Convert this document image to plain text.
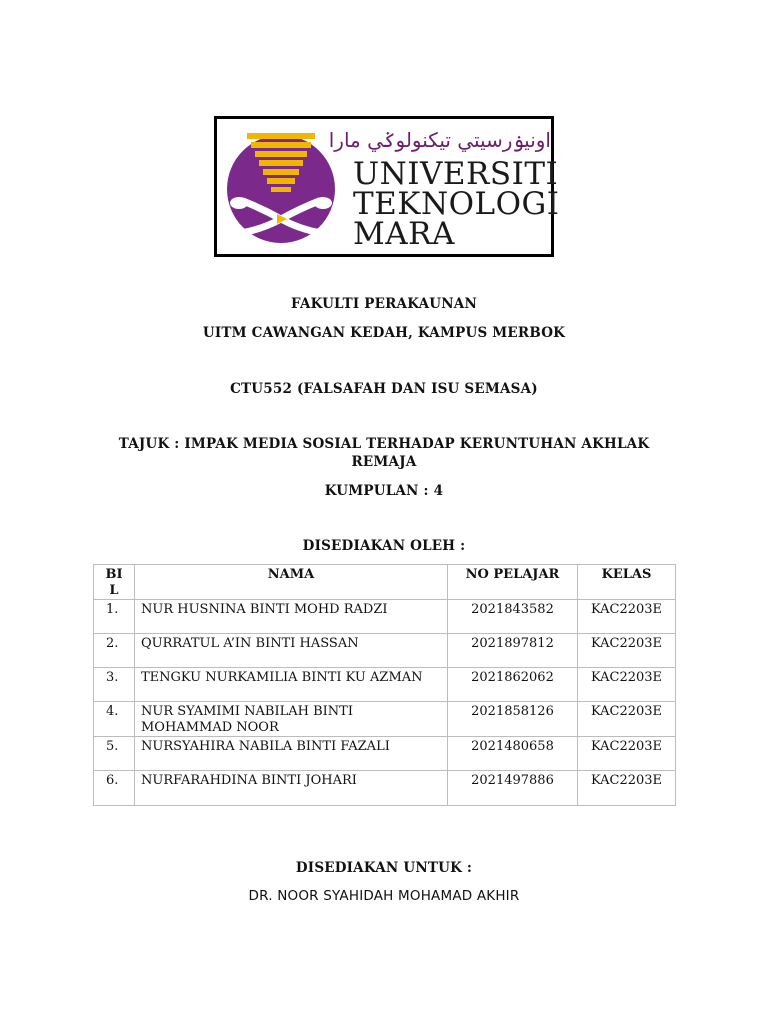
اونيۏرسيتي تيكنولوݢي مارا
UNIVERSITI
TEKNOLOGI
MARA
FAKULTI PERAKAUNAN
UITM CAWANGAN KEDAH, KAMPUS MERBOK
CTU552 (FALSAFAH DAN ISU SEMASA)
TAJUK : IMPAK MEDIA SOSIAL TERHADAP KERUNTUHAN AKHLAK
REMAJA
KUMPULAN : 4
DISEDIAKAN OLEH :
BI L	NAMA	NO PELAJAR	KELAS
1.	NUR HUSNINA BINTI MOHD RADZI	2021843582	KAC2203E
2.	QURRATUL A’IN BINTI HASSAN	2021897812	KAC2203E
3.	TENGKU NURKAMILIA BINTI KU AZMAN	2021862062	KAC2203E
4.	NUR SYAMIMI NABILAH BINTI MOHAMMAD NOOR	2021858126	KAC2203E
5.	NURSYAHIRA NABILA BINTI FAZALI	2021480658	KAC2203E
6.	NURFARAHDINA BINTI JOHARI	2021497886	KAC2203E
DISEDIAKAN UNTUK :
DR. NOOR SYAHIDAH MOHAMAD AKHIR
